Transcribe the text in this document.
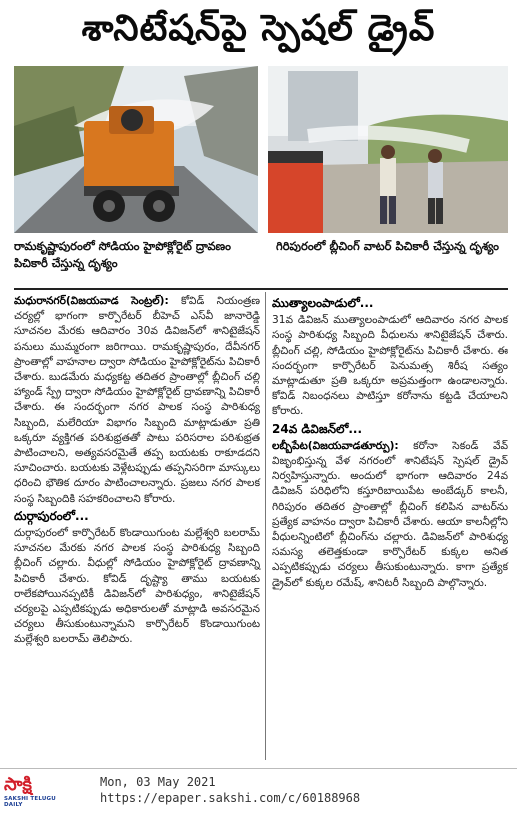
శానిటేషన్‌పై స్పెషల్‌ డ్రైవ్‌
రామకృష్ణాపురంలో సోడియం హైపోక్లోరైట్‌ ద్రావణం పిచికారీ చేస్తున్న దృశ్యం
గిరిపురంలో బ్లీచింగ్‌ వాటర్‌ పిచికారీ చేస్తున్న దృశ్యం

మధురానగర్‌(విజయవాడ సెంట్రల్‌): కోవిడ్‌ నియంత్రణ చర్యల్లో భాగంగా కార్పొరేటర్‌ బీహెచ్‌ ఎస్‌వీ జానారెడ్డి సూచనల మేరకు ఆదివారం 30వ డివిజన్‌లో శానిటైజేషన్‌ పనులు ముమ్మరంగా జరిగాయి. రామకృష్ణాపురం, దేవీనగర్‌ ప్రాంతాల్లో వాహనాల ద్వారా సోడియం హైపోక్లోరైట్‌ను పిచికారీ చేశారు. బుడమేరు మధ్యకట్ట తదితర ప్రాంతాల్లో బ్లీచింగ్‌ చల్లి హ్యాండ్‌ స్ప్రే ద్వారా సోడియం హైపోక్లోరైట్‌ ద్రావణాన్ని పిచికారీ చేశారు. ఈ సందర్భంగా నగర పాలక సంస్థ పారిశుధ్య సిబ్బంది, మలేరియా విభాగం సిబ్బంది మాట్లాడుతూ ప్రతి ఒక్కరూ వ్యక్తిగత పరిశుభ్రతతో పాటు పరిసరాల పరిశుభ్రత పాటించాలని, అత్యవసరమైతే తప్ప బయటకు రాకూడదని సూచించారు. బయటకు వెళ్లేటప్పుడు తప్పనిసరిగా మాస్కులు ధరించి భౌతిక దూరం పాటించాలన్నారు. ప్రజలు నగర పాలక సంస్థ సిబ్బందికి సహకరించాలని కోరారు.

దుర్గాపురంలో...

దుర్గాపురంలో కార్పొరేటర్‌ కొండాయిగుంట మల్లేశ్వరి బలరామ్‌ సూచనల మేరకు నగర పాలక సంస్థ పారిశుధ్య సిబ్బంది బ్లీచింగ్‌ చల్లారు. వీధుల్లో సోడియం హైపోక్లోరైట్‌ ద్రావణాన్ని పిచికారీ చేశారు. కోవిడ్‌ దృష్ట్యా తాము బయటకు రాలేకపోయినప్పటికీ డివిజన్‌లో పారిశుధ్యం, శానిటైజేషన్‌ చర్యలపై ఎప్పటికప్పుడు అధికారులతో మాట్లాడి అవసరమైన చర్యలు తీసుకుంటున్నామని కార్పొరేటర్‌ కొండాయిగుంట మల్లేశ్వరి బలరామ్‌ తెలిపారు.

ముత్యాలంపాడులో...

31వ డివిజన్‌ ముత్యాలంపాడులో ఆదివారం నగర పాలక సంస్థ పారిశుధ్య సిబ్బంది వీధులను శానిటైజేషన్‌ చేశారు. బ్లీచింగ్‌ చల్లి, సోడియం హైపోక్లోరైట్‌ను పిచికారీ చేశారు. ఈ సందర్భంగా కార్పొరేటర్‌ పెనుమత్స శిరీష సత్యం మాట్లాడుతూ ప్రతి ఒక్కరూ అప్రమత్తంగా ఉండాలన్నారు. కోవిడ్‌ నిబంధనలు పాటిస్తూ కరోనాను కట్టడి చేయాలని కోరారు.

24వ డివిజన్‌లో...

లబ్బీపేట(విజయవాడతూర్పు): కరోనా సెకండ్‌ వేవ్‌ విజృంభిస్తున్న వేళ నగరంలో శానిటేషన్‌ స్పెషల్‌ డ్రైవ్‌ నిర్వహిస్తున్నారు. అందులో భాగంగా ఆదివారం 24వ డివిజన్‌ పరిధిలోని కస్తూరిబాయిపేట అంబేడ్కర్‌ కాలనీ, గిరిపురం తదితర ప్రాంతాల్లో బ్లీచింగ్‌ కలిపిన వాటర్‌ను ప్రత్యేక వాహనం ద్వారా పిచికారీ చేశారు. ఆయా కాలనీల్లోని వీధులన్నింటిలో బ్లీచింగ్‌ను చల్లారు. డివిజన్‌లో పారిశుధ్య సమస్య తలెత్తకుండా కార్పొరేటర్‌ కుక్కల అనిత ఎప్పటికప్పుడు చర్యలు తీసుకుంటున్నారు. కాగా ప్రత్యేక డ్రైవ్‌లో కుక్కల రమేష్‌, శానిటరీ సిబ్బంది పాల్గొన్నారు.

సాక్షి
SAKSHI TELUGU DAILY
Mon, 03 May 2021
https://epaper.sakshi.com/c/60188968
